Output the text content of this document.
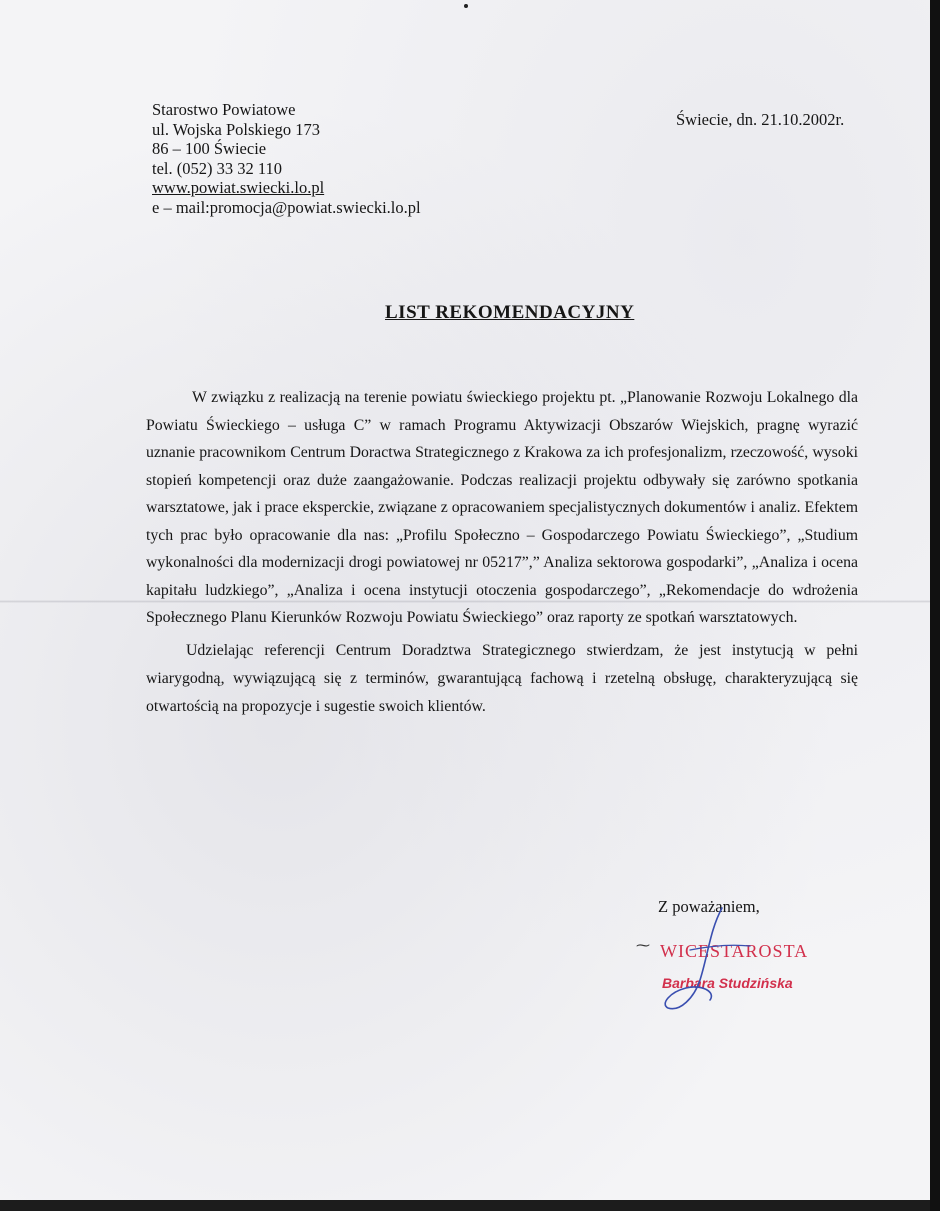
Starostwo Powiatowe
ul. Wojska Polskiego 173
86 – 100 Świecie
tel. (052) 33 32 110
www.powiat.swiecki.lo.pl
e – mail:promocja@powiat.swiecki.lo.pl
Świecie, dn. 21.10.2002r.
LIST REKOMENDACYJNY

W związku z realizacją na terenie powiatu świeckiego projektu pt. „Planowanie Rozwoju Lokalnego dla Powiatu Świeckiego – usługa C” w ramach Programu Aktywizacji Obszarów Wiejskich, pragnę wyrazić uznanie pracownikom Centrum Doractwa Strategicznego z Krakowa za ich profesjonalizm, rzeczowość, wysoki stopień kompetencji oraz duże zaangażowanie. Podczas realizacji projektu odbywały się zarówno spotkania warsztatowe, jak i prace eksperckie, związane z opracowaniem specjalistycznych dokumentów i analiz. Efektem tych prac było opracowanie dla nas: „Profilu Społeczno – Gospodarczego Powiatu Świeckiego”, „Studium wykonalności dla modernizacji drogi powiatowej nr 05217”,” Analiza sektorowa gospodarki”, „Analiza i ocena kapitału ludzkiego”, „Analiza i ocena instytucji otoczenia gospodarczego”, „Rekomendacje do wdrożenia Społecznego Planu Kierunków Rozwoju Powiatu Świeckiego” oraz raporty ze spotkań warsztatowych.

Udzielając referencji Centrum Doradztwa Strategicznego stwierdzam, że jest instytucją w pełni wiarygodną, wywiązującą się z terminów, gwarantującą fachową i rzetelną obsługę, charakteryzującą się otwartością na propozycje i sugestie swoich klientów.

Z poważaniem,
⁓ WICESTAROSTA
Barbara Studzińska
